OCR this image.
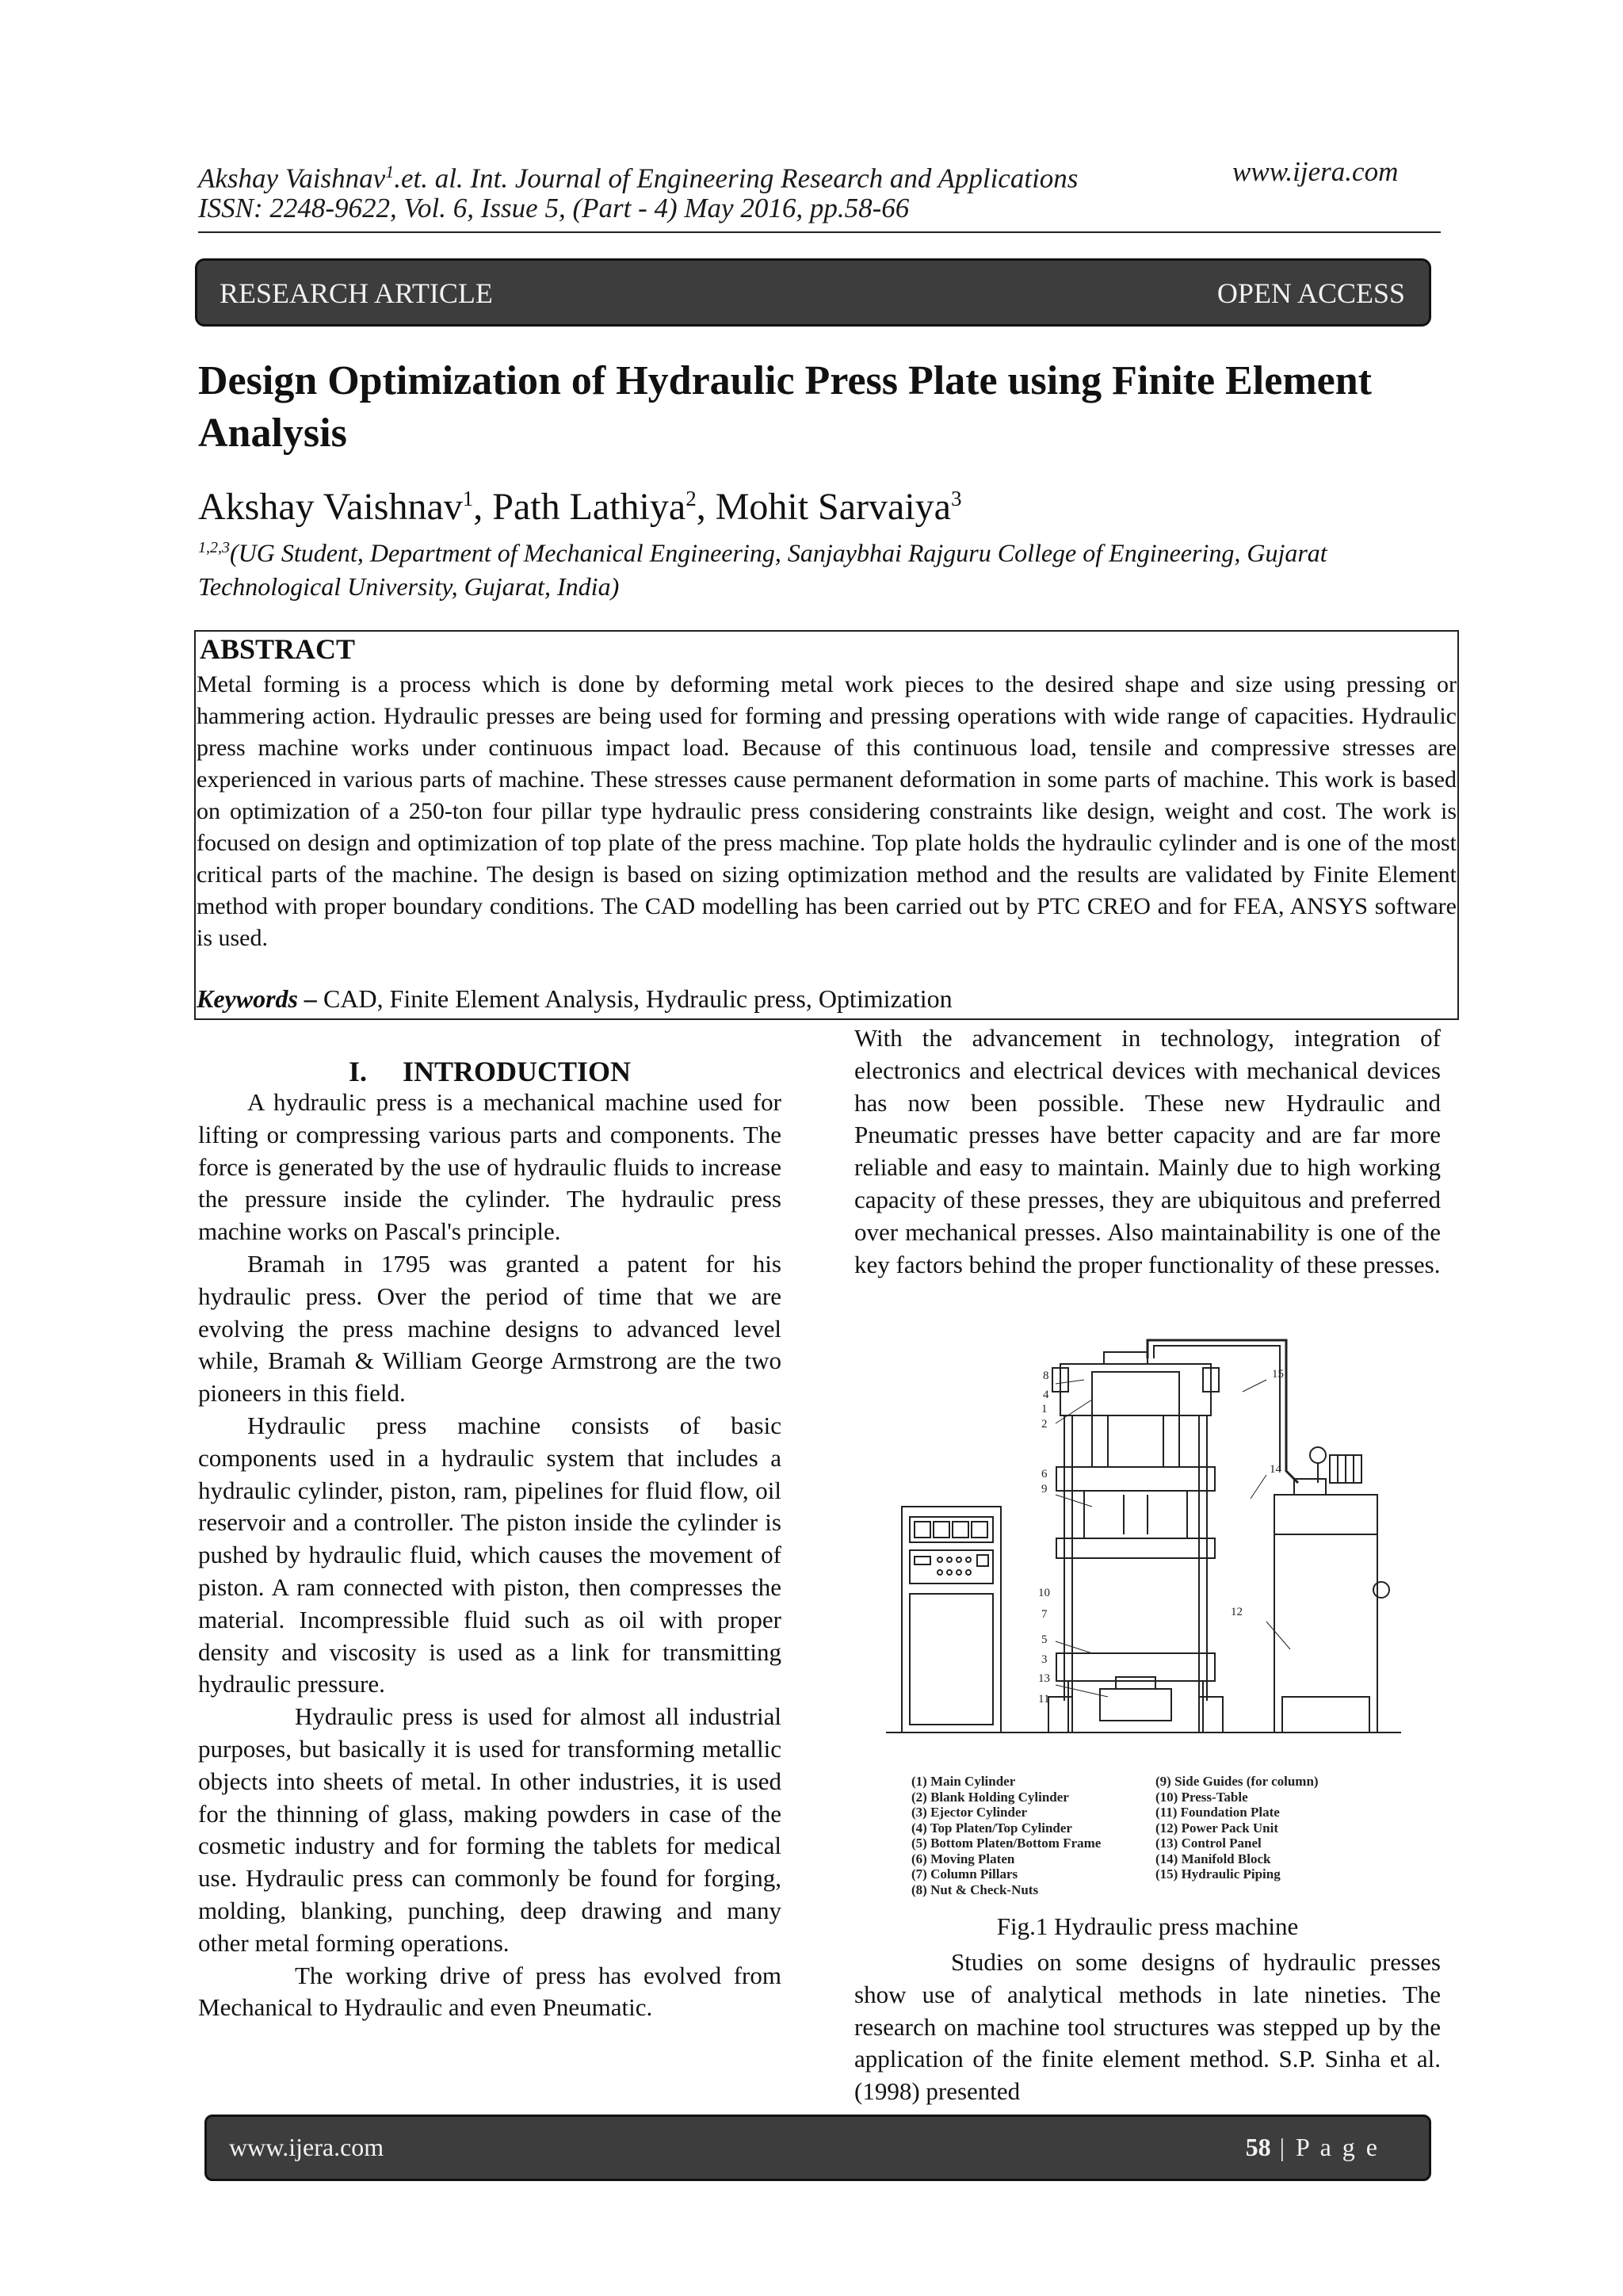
Akshay Vaishnav$^1$.et. al. Int. Journal of Engineering Research and Applications	www.ijera.com
ISSN: 2248-9622, Vol. 6, Issue 5, (Part - 4) May 2016, pp.58-66
RESEARCH ARTICLE	OPEN ACCESS
Design Optimization of Hydraulic Press Plate using Finite Element Analysis
Akshay Vaishnav$^1$, Path Lathiya$^2$, Mohit Sarvaiya$^3$
$^{1,2,3}$(UG Student, Department of Mechanical Engineering, Sanjaybhai Rajguru College of Engineering, Gujarat Technological University, Gujarat, India)
ABSTRACT
Metal forming is a process which is done by deforming metal work pieces to the desired shape and size using pressing or hammering action. Hydraulic presses are being used for forming and pressing operations with wide range of capacities. Hydraulic press machine works under continuous impact load. Because of this continuous load, tensile and compressive stresses are experienced in various parts of machine. These stresses cause permanent deformation in some parts of machine. This work is based on optimization of a 250-ton four pillar type hydraulic press considering constraints like design, weight and cost. The work is focused on design and optimization of top plate of the press machine. Top plate holds the hydraulic cylinder and is one of the most critical parts of the machine. The design is based on sizing optimization method and the results are validated by Finite Element method with proper boundary conditions. The CAD modelling has been carried out by PTC CREO and for FEA, ANSYS software is used.
Keywords – CAD, Finite Element Analysis, Hydraulic press, Optimization
I.     INTRODUCTION

A hydraulic press is a mechanical machine used for lifting or compressing various parts and components. The force is generated by the use of hydraulic fluids to increase the pressure inside the cylinder. The hydraulic press machine works on Pascal's principle.

Bramah in 1795 was granted a patent for his hydraulic press. Over the period of time that we are evolving the press machine designs to advanced level while, Bramah & William George Armstrong are the two pioneers in this field.

Hydraulic press machine consists of basic components used in a hydraulic system that includes a hydraulic cylinder, piston, ram, pipelines for fluid flow, oil reservoir and a controller. The piston inside the cylinder is pushed by hydraulic fluid, which causes the movement of piston. A ram connected with piston, then compresses the material. Incompressible fluid such as oil with proper density and viscosity is used as a link for transmitting hydraulic pressure.

Hydraulic press is used for almost all industrial purposes, but basically it is used for transforming metallic objects into sheets of metal. In other industries, it is used for the thinning of glass, making powders in case of the cosmetic industry and for forming the tablets for medical use. Hydraulic press can commonly be found for forging, molding, blanking, punching, deep drawing and many other metal forming operations.

The working drive of press has evolved from Mechanical to Hydraulic and even Pneumatic.

With the advancement in technology, integration of electronics and electrical devices with mechanical devices has now been possible. These new Hydraulic and Pneumatic presses have better capacity and are far more reliable and easy to maintain. Mainly due to high working capacity of these presses, they are ubiquitous and preferred over mechanical presses. Also maintainability is one of the key factors behind the proper functionality of these presses.
8
4
1
2
6
9
10
7
5
3
13
11
15
14
12
(1) Main Cylinder
(2) Blank Holding Cylinder
(3) Ejector Cylinder
(4) Top Platen/Top Cylinder
(5) Bottom Platen/Bottom Frame
(6) Moving Platen
(7) Column Pillars
(8) Nut & Check-Nuts
(9) Side Guides (for column)
(10) Press-Table
(11) Foundation Plate
(12) Power Pack Unit
(13) Control Panel
(14) Manifold Block
(15) Hydraulic Piping
Fig.1 Hydraulic press machine

Studies on some designs of hydraulic presses show use of analytical methods in late nineties. The research on machine tool structures was stepped up by the application of the finite element method. S.P. Sinha et al. (1998) presented

www.ijera.com	58 | P a g e
